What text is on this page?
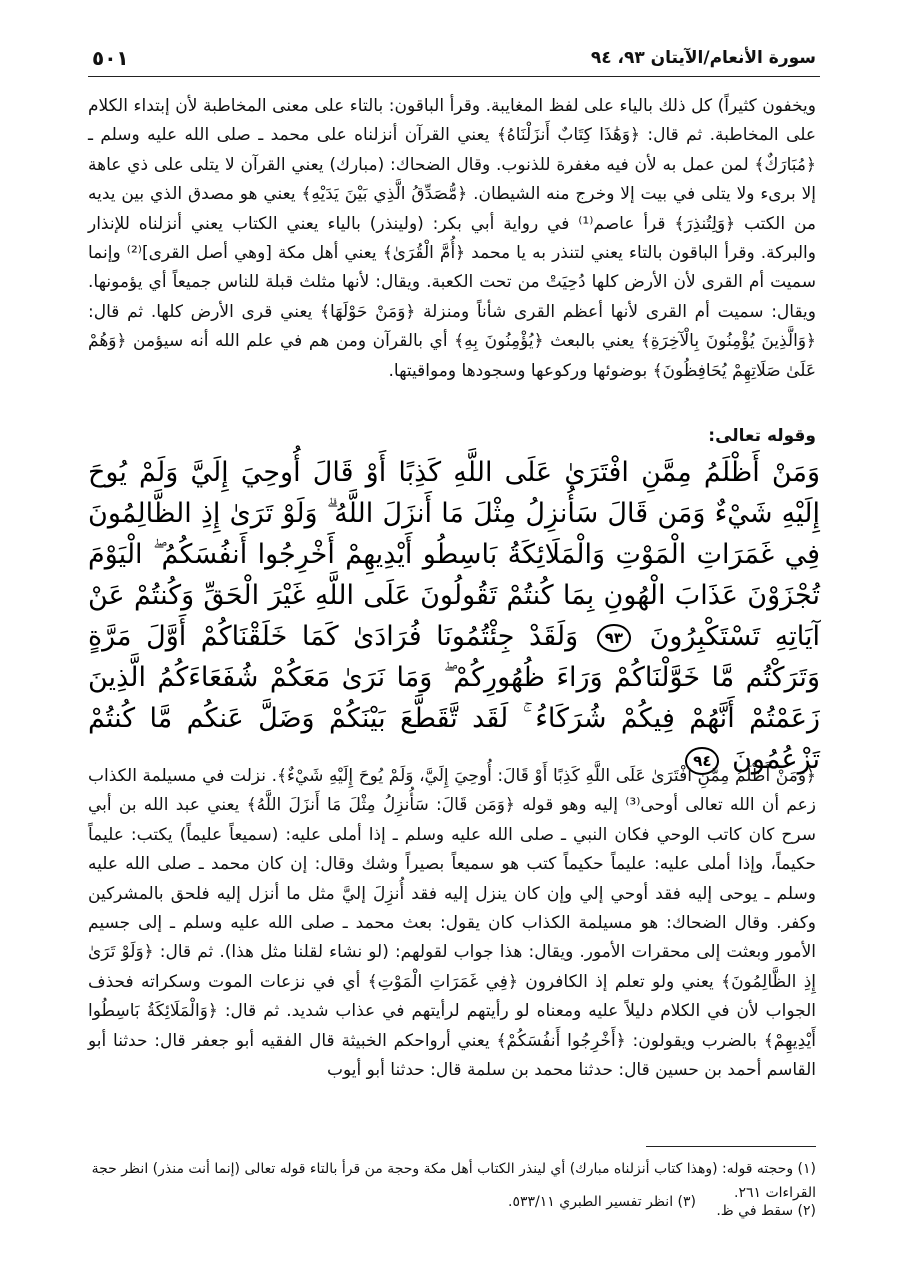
سورة الأنعام/الآيتان ٩٣، ٩٤
٥٠١
ويخفون كثيراً) كل ذلك بالياء على لفظ المغايبة. وقرأ الباقون: بالتاء على معنى المخاطبة لأن إبتداء الكلام على المخاطبة. ثم قال: ﴿وَهَٰذَا كِتَابٌ أَنزَلْنَاهُ﴾ يعني القرآن أنزلناه على محمد ـ صلى الله عليه وسلم ـ ﴿مُبَارَكٌ﴾ لمن عمل به لأن فيه مغفرة للذنوب. وقال الضحاك: (مبارك) يعني القرآن لا يتلى على ذي عاهة إلا برىء ولا يتلى في بيت إلا وخرج منه الشيطان. ﴿مُّصَدِّقُ الَّذِي بَيْنَ يَدَيْهِ﴾ يعني هو مصدق الذي بين يديه من الكتب ﴿وَلِتُنذِرَ﴾ قرأ عاصم⁽¹⁾ في رواية أبي بكر: (ولينذر) بالياء يعني الكتاب يعني أنزلناه للإنذار والبركة. وقرأ الباقون بالتاء يعني لتنذر به يا محمد ﴿أُمَّ الْقُرَىٰ﴾ يعني أهل مكة [وهي أصل القرى]⁽²⁾ وإنما سميت أم القرى لأن الأرض كلها دُحِيَتْ من تحت الكعبة. ويقال: لأنها مثلث قبلة للناس جميعاً أي يؤمونها. ويقال: سميت أم القرى لأنها أعظم القرى شأناً ومنزلة ﴿وَمَنْ حَوْلَهَا﴾ يعني قرى الأرض كلها. ثم قال: ﴿وَالَّذِينَ يُؤْمِنُونَ بِالْآخِرَةِ﴾ يعني بالبعث ﴿يُؤْمِنُونَ بِهِ﴾ أي بالقرآن ومن هم في علم الله أنه سيؤمن ﴿وَهُمْ عَلَىٰ صَلَاتِهِمْ يُحَافِظُونَ﴾ بوضوئها وركوعها وسجودها ومواقيتها.
وقوله تعالى:
وَمَنْ أَظْلَمُ مِمَّنِ افْتَرَىٰ عَلَى اللَّهِ كَذِبًا أَوْ قَالَ أُوحِيَ إِلَيَّ وَلَمْ يُوحَ إِلَيْهِ شَيْءٌ وَمَن قَالَ سَأُنزِلُ مِثْلَ مَا أَنزَلَ اللَّهُ ۗ وَلَوْ تَرَىٰ إِذِ الظَّالِمُونَ فِي غَمَرَاتِ الْمَوْتِ وَالْمَلَائِكَةُ بَاسِطُو أَيْدِيهِمْ أَخْرِجُوا أَنفُسَكُمُ ۖ الْيَوْمَ تُجْزَوْنَ عَذَابَ الْهُونِ بِمَا كُنتُمْ تَقُولُونَ عَلَى اللَّهِ غَيْرَ الْحَقِّ وَكُنتُمْ عَنْ آيَاتِهِ تَسْتَكْبِرُونَ ٩٣ وَلَقَدْ جِئْتُمُونَا فُرَادَىٰ كَمَا خَلَقْنَاكُمْ أَوَّلَ مَرَّةٍ وَتَرَكْتُم مَّا خَوَّلْنَاكُمْ وَرَاءَ ظُهُورِكُمْ ۖ وَمَا نَرَىٰ مَعَكُمْ شُفَعَاءَكُمُ الَّذِينَ زَعَمْتُمْ أَنَّهُمْ فِيكُمْ شُرَكَاءُ ۚ لَقَد تَّقَطَّعَ بَيْنَكُمْ وَضَلَّ عَنكُم مَّا كُنتُمْ تَزْعُمُونَ ٩٤
﴿وَمَنْ أَظْلَمُ مِمَّنِ افْتَرَىٰ عَلَى اللَّهِ كَذِبًا أَوْ قَالَ: أُوحِيَ إِلَيَّ، وَلَمْ يُوحَ إِلَيْهِ شَيْءٌ﴾. نزلت في مسيلمة الكذاب زعم أن الله تعالى أوحى⁽³⁾ إليه وهو قوله ﴿وَمَن قَالَ: سَأُنزِلُ مِثْلَ مَا أَنزَلَ اللَّهُ﴾ يعني عبد الله بن أبي سرح كان كاتب الوحي فكان النبي ـ صلى الله عليه وسلم ـ إذا أملى عليه: (سميعاً عليماً) يكتب: عليماً حكيماً، وإذا أملى عليه: عليماً حكيماً كتب هو سميعاً بصيراً وشك وقال: إن كان محمد ـ صلى الله عليه وسلم ـ يوحى إليه فقد أوحي إلي وإن كان ينزل إليه فقد أُنزِلَ إليَّ مثل ما أنزل إليه فلحق بالمشركين وكفر. وقال الضحاك: هو مسيلمة الكذاب كان يقول: بعث محمد ـ صلى الله عليه وسلم ـ إلى جسيم الأمور وبعثت إلى محقرات الأمور. ويقال: هذا جواب لقولهم: (لو نشاء لقلنا مثل هذا). ثم قال: ﴿وَلَوْ تَرَىٰ إِذِ الظَّالِمُونَ﴾ يعني ولو تعلم إذ الكافرون ﴿فِي غَمَرَاتِ الْمَوْتِ﴾ أي في نزعات الموت وسكراته فحذف الجواب لأن في الكلام دليلاً عليه ومعناه لو رأيتهم لرأيتهم في عذاب شديد. ثم قال: ﴿وَالْمَلَائِكَةُ بَاسِطُوا أَيْدِيهِمْ﴾ بالضرب ويقولون: ﴿أَخْرِجُوا أَنفُسَكُمْ﴾ يعني أرواحكم الخبيثة قال الفقيه أبو جعفر قال: حدثنا أبو القاسم أحمد بن حسين قال: حدثنا محمد بن سلمة قال: حدثنا أبو أيوب
(١) وحجته قوله: (وهذا كتاب أنزلناه مبارك) أي لينذر الكتاب أهل مكة وحجة من قرأ بالتاء قوله تعالى (إنما أنت منذر) انظر حجة القراءات ٢٦١.
(٣) انظر تفسير الطبري ٥٣٣/١١.
(٢) سقط في ظ.
